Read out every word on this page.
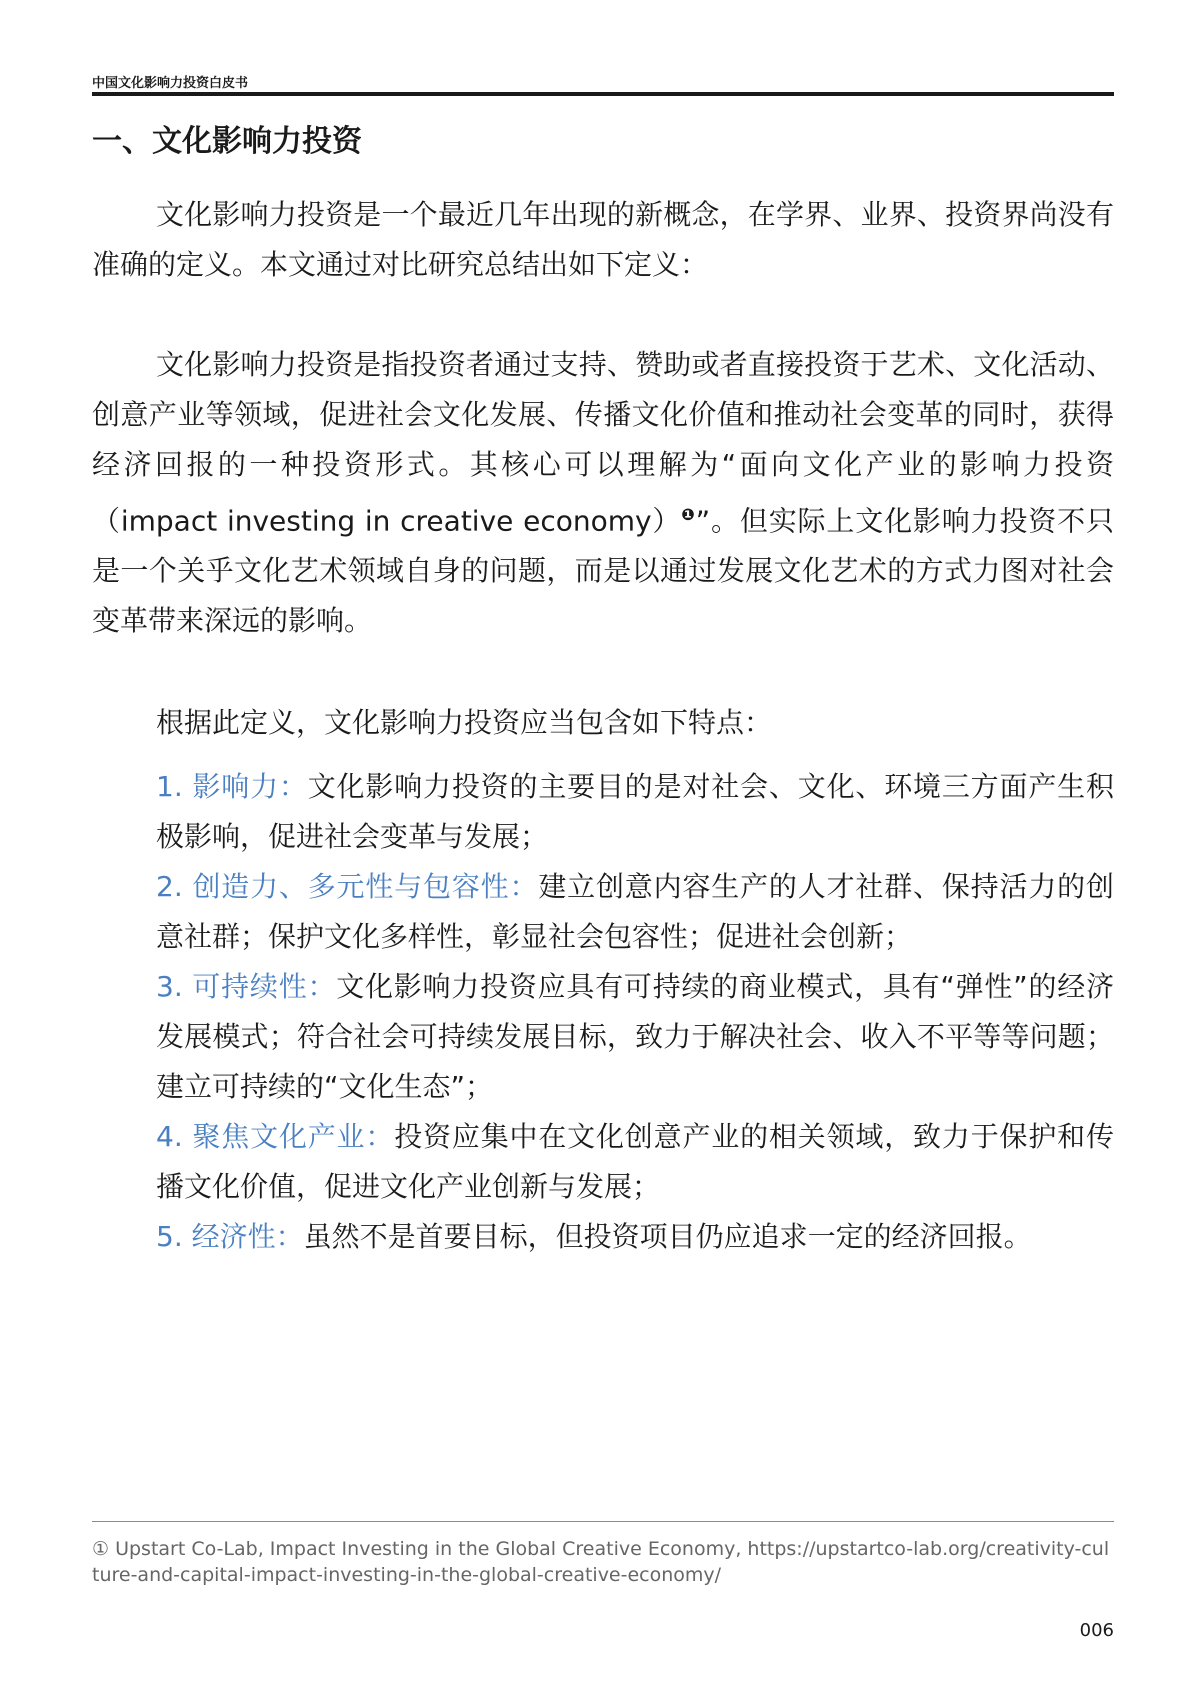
中国文化影响力投资白皮书
一、文化影响力投资

文化影响力投资是一个最近几年出现的新概念，在学界、业界、投资界尚没有准确的定义。本文通过对比研究总结出如下定义：

文化影响力投资是指投资者通过支持、赞助或者直接投资于艺术、文化活动、创意产业等领域，促进社会文化发展、传播文化价值和推动社会变革的同时，获得经济回报的一种投资形式。其核心可以理解为“面向文化产业的影响力投资（impact investing in creative economy）$^❶$”。但实际上文化影响力投资不只是一个关乎文化艺术领域自身的问题，而是以通过发展文化艺术的方式力图对社会变革带来深远的影响。

根据此定义，文化影响力投资应当包含如下特点：

1. 影响力：文化影响力投资的主要目的是对社会、文化、环境三方面产生积极影响，促进社会变革与发展；
2. 创造力、多元性与包容性：建立创意内容生产的人才社群、保持活力的创意社群；保护文化多样性，彰显社会包容性；促进社会创新；
3. 可持续性：文化影响力投资应具有可持续的商业模式，具有“弹性”的经济发展模式；符合社会可持续发展目标，致力于解决社会、收入不平等等问题；建立可持续的“文化生态”；
4. 聚焦文化产业：投资应集中在文化创意产业的相关领域，致力于保护和传播文化价值，促进文化产业创新与发展；
5. 经济性：虽然不是首要目标，但投资项目仍应追求一定的经济回报。

① Upstart Co-Lab, Impact Investing in the Global Creative Economy, https://upstartco-lab.org/creativity-culture-and-capital-impact-investing-in-the-global-creative-economy/

006
